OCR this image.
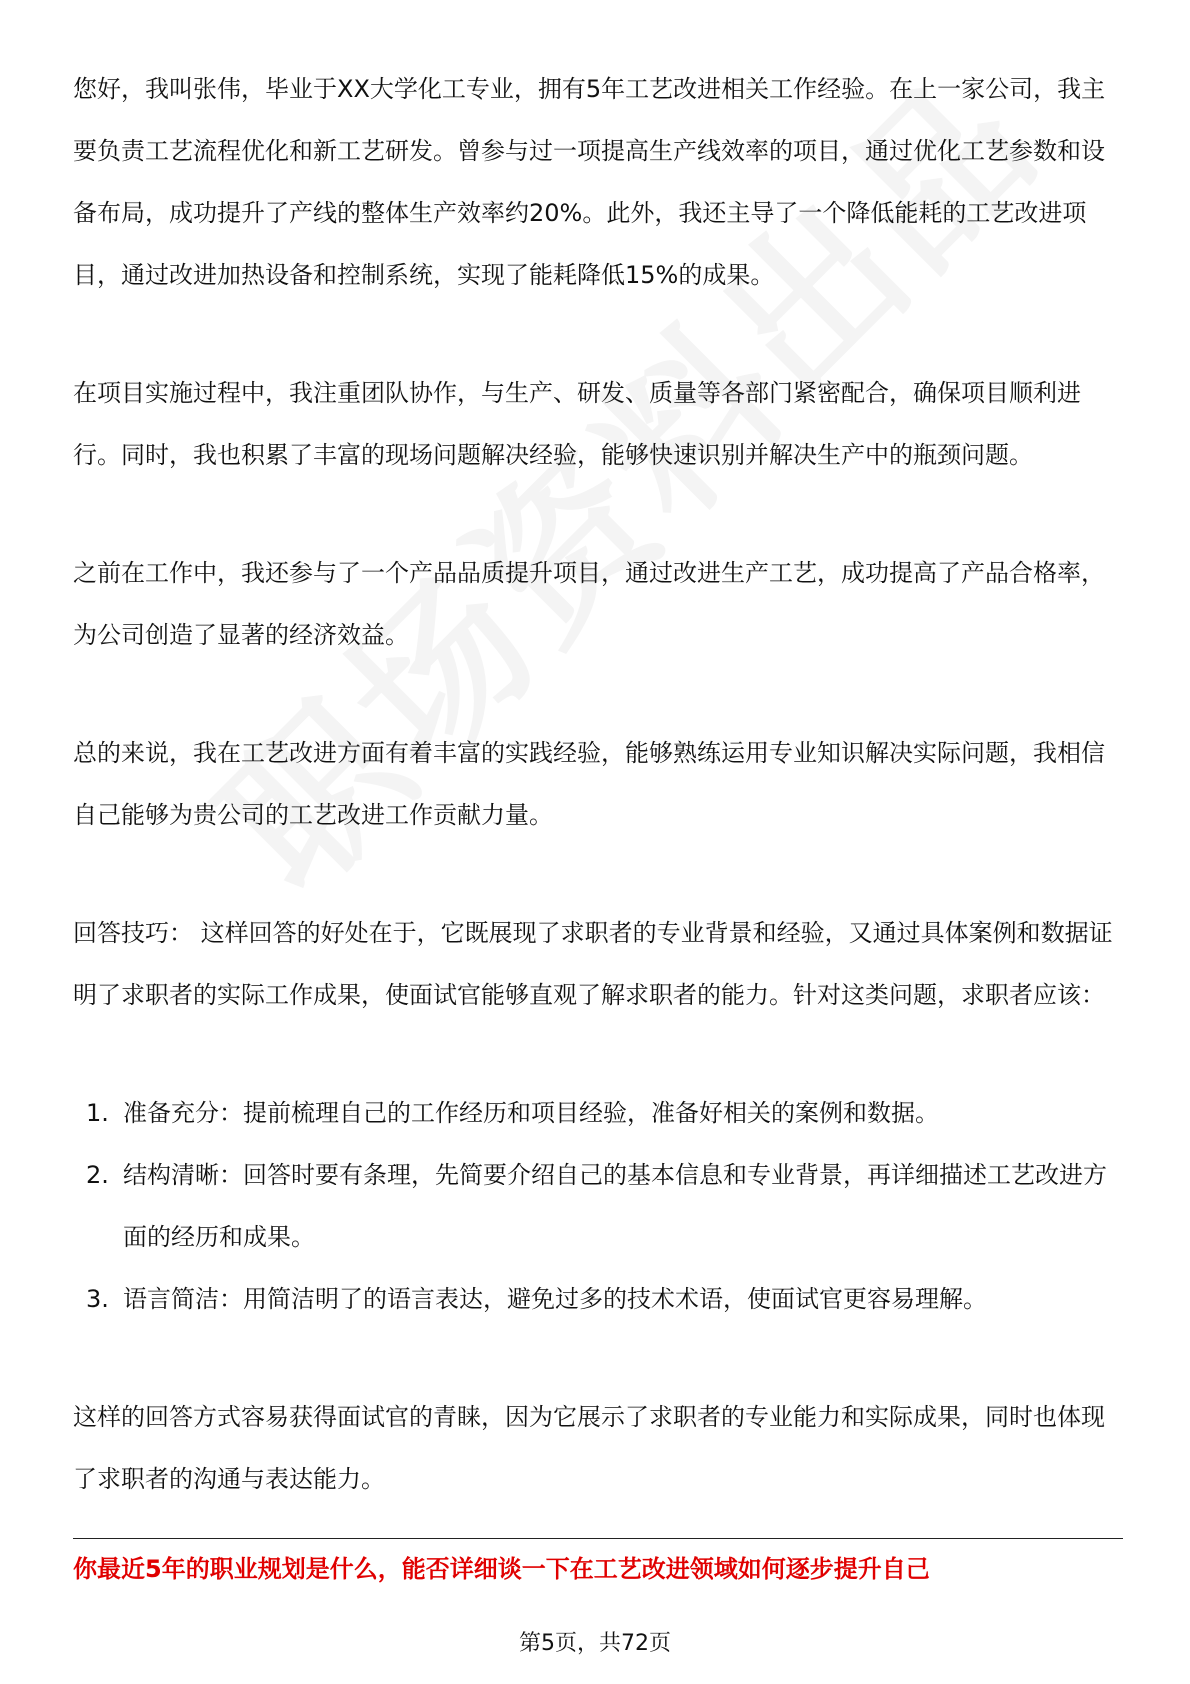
您好，我叫张伟，毕业于XX大学化工专业，拥有5年工艺改进相关工作经验。在上一家公司，我主要负责工艺流程优化和新工艺研发。曾参与过一项提高生产线效率的项目，通过优化工艺参数和设备布局，成功提升了产线的整体生产效率约20%。此外，我还主导了一个降低能耗的工艺改进项目，通过改进加热设备和控制系统，实现了能耗降低15%的成果。

在项目实施过程中，我注重团队协作，与生产、研发、质量等各部门紧密配合，确保项目顺利进行。同时，我也积累了丰富的现场问题解决经验，能够快速识别并解决生产中的瓶颈问题。

之前在工作中，我还参与了一个产品品质提升项目，通过改进生产工艺，成功提高了产品合格率，为公司创造了显著的经济效益。

总的来说，我在工艺改进方面有着丰富的实践经验，能够熟练运用专业知识解决实际问题，我相信自己能够为贵公司的工艺改进工作贡献力量。

回答技巧： 这样回答的好处在于，它既展现了求职者的专业背景和经验，又通过具体案例和数据证明了求职者的实际工作成果，使面试官能够直观了解求职者的能力。针对这类问题，求职者应该：

1. 准备充分：提前梳理自己的工作经历和项目经验，准备好相关的案例和数据。
2. 结构清晰：回答时要有条理，先简要介绍自己的基本信息和专业背景，再详细描述工艺改进方面的经历和成果。
3. 语言简洁：用简洁明了的语言表达，避免过多的技术术语，使面试官更容易理解。

这样的回答方式容易获得面试官的青睐，因为它展示了求职者的专业能力和实际成果，同时也体现了求职者的沟通与表达能力。

你最近5年的职业规划是什么，能否详细谈一下在工艺改进领域如何逐步提升自己
第5页，共72页
